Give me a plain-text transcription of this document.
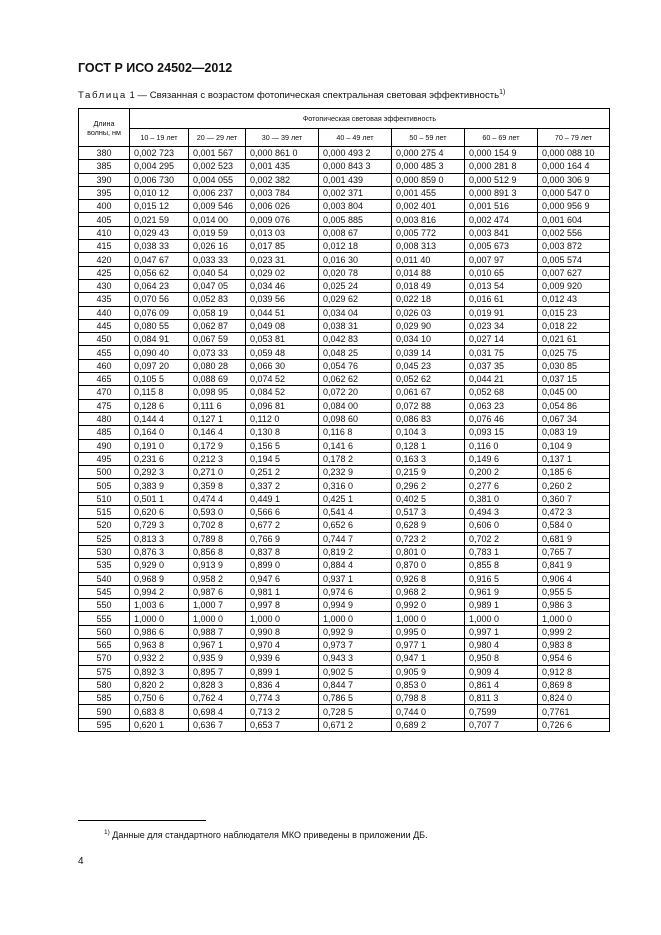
ГОСТ Р ИСО 24502—2012
Таблица 1 — Связанная с возрастом фотопическая спектральная световая эффективность$^{1)}$
Длина волны, нм	Фотопическая световая эффективность						
	10 – 19 лет	20 — 29 лет	30 — 39 лет	40 – 49 лет	50 – 59 лет	60 – 69 лет	70 – 79 лет
380	0,002 723	0,001 567	0,000 861 0	0,000 493 2	0,000 275 4	0,000 154 9	0,000 088 10
385	0,004 295	0,002 523	0,001 435	0,000 843 3	0,000 485 3	0,000 281 8	0,000 164 4
390	0,006 730	0,004 055	0,002 382	0,001 439	0,000 859 0	0,000 512 9	0,000 306 9
395	0,010 12	0,006 237	0,003 784	0,002 371	0,001 455	0,000 891 3	0,000 547 0
400	0,015 12	0,009 546	0,006 026	0,003 804	0,002 401	0,001 516	0,000 956 9
405	0,021 59	0,014 00	0,009 076	0,005 885	0,003 816	0,002 474	0,001 604
410	0,029 43	0,019 59	0,013 03	0,008 67	0,005 772	0,003 841	0,002 556
415	0,038 33	0,026 16	0,017 85	0,012 18	0,008 313	0,005 673	0,003 872
420	0,047 67	0,033 33	0,023 31	0,016 30	0,011 40	0,007 97	0,005 574
425	0,056 62	0,040 54	0,029 02	0,020 78	0,014 88	0,010 65	0,007 627
430	0,064 23	0,047 05	0,034 46	0,025 24	0,018 49	0,013 54	0,009 920
435	0,070 56	0,052 83	0,039 56	0,029 62	0,022 18	0,016 61	0,012 43
440	0,076 09	0,058 19	0,044 51	0,034 04	0,026 03	0,019 91	0,015 23
445	0,080 55	0,062 87	0,049 08	0,038 31	0,029 90	0,023 34	0,018 22
450	0,084 91	0,067 59	0,053 81	0,042 83	0,034 10	0,027 14	0,021 61
455	0,090 40	0,073 33	0,059 48	0,048 25	0,039 14	0,031 75	0,025 75
460	0,097 20	0,080 28	0,066 30	0,054 76	0,045 23	0,037 35	0,030 85
465	0,105 5	0,088 69	0,074 52	0,062 62	0,052 62	0,044 21	0,037 15
470	0,115 8	0,098 95	0,084 52	0,072 20	0,061 67	0,052 68	0,045 00
475	0,128 6	0,111 6	0,096 81	0,084 00	0,072 88	0,063 23	0,054 86
480	0,144 4	0,127 1	0,112 0	0,098 60	0,086 83	0,076 46	0,067 34
485	0,164 0	0,146 4	0,130 8	0,116 8	0,104 3	0,093 15	0,083 19
490	0,191 0	0,172 9	0,156 5	0,141 6	0,128 1	0,116 0	0,104 9
495	0,231 6	0,212 3	0,194 5	0,178 2	0,163 3	0,149 6	0,137 1
500	0,292 3	0,271 0	0,251 2	0,232 9	0,215 9	0,200 2	0,185 6
505	0,383 9	0,359 8	0,337 2	0,316 0	0,296 2	0,277 6	0,260 2
510	0,501 1	0,474 4	0,449 1	0,425 1	0,402 5	0,381 0	0,360 7
515	0,620 6	0,593 0	0,566 6	0,541 4	0,517 3	0,494 3	0,472 3
520	0,729 3	0,702 8	0,677 2	0,652 6	0,628 9	0,606 0	0,584 0
525	0,813 3	0,789 8	0,766 9	0,744 7	0,723 2	0,702 2	0,681 9
530	0,876 3	0,856 8	0,837 8	0,819 2	0,801 0	0,783 1	0,765 7
535	0,929 0	0,913 9	0,899 0	0,884 4	0,870 0	0,855 8	0,841 9
540	0,968 9	0,958 2	0,947 6	0,937 1	0,926 8	0,916 5	0,906 4
545	0,994 2	0,987 6	0,981 1	0,974 6	0,968 2	0,961 9	0,955 5
550	1,003 6	1,000 7	0,997 8	0,994 9	0,992 0	0,989 1	0,986 3
555	1,000 0	1,000 0	1,000 0	1,000 0	1,000 0	1,000 0	1,000 0
560	0,986 6	0,988 7	0,990 8	0,992 9	0,995 0	0,997 1	0,999 2
565	0,963 8	0,967 1	0,970 4	0,973 7	0,977 1	0,980 4	0,983 8
570	0,932 2	0,935 9	0,939 6	0,943 3	0,947 1	0,950 8	0,954 6
575	0,892 3	0,895 7	0,899 1	0,902 5	0,905 9	0,909 4	0,912 8
580	0,820 2	0,828 3	0,836 4	0,844 7	0,853 0	0,861 4	0,869 8
585	0,750 6	0,762 4	0,774 3	0,786 5	0,798 8	0,811 3	0,824 0
590	0,683 8	0,698 4	0,713 2	0,728 5	0,744 0	0,7599	0,7761
595	0,620 1	0,636 7	0,653 7	0,671 2	0,689 2	0,707 7	0,726 6
$^{1)}$ Данные для стандартного наблюдателя МКО приведены в приложении ДБ.
4
